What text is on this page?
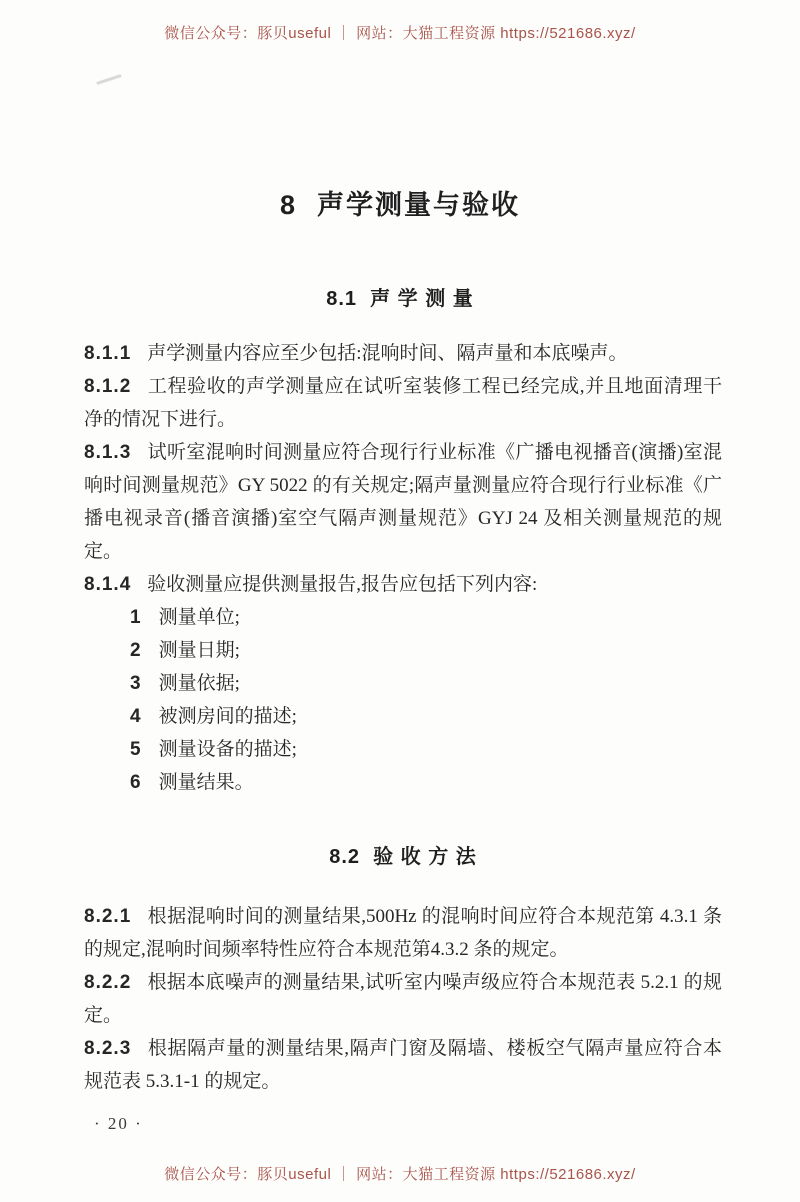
微信公众号：豚贝useful ｜ 网站：大猫工程资源 https://521686.xyz/
8 声学测量与验收
8.1  声 学 测 量

8.1.1 声学测量内容应至少包括:混响时间、隔声量和本底噪声。

8.1.2 工程验收的声学测量应在试听室装修工程已经完成,并且地面清理干净的情况下进行。

8.1.3 试听室混响时间测量应符合现行行业标准《广播电视播音(演播)室混响时间测量规范》GY 5022 的有关规定;隔声量测量应符合现行行业标准《广播电视录音(播音演播)室空气隔声测量规范》GYJ 24 及相关测量规范的规定。

8.1.4 验收测量应提供测量报告,报告应包括下列内容:

1 测量单位;

2 测量日期;

3 测量依据;

4 被测房间的描述;

5 测量设备的描述;

6 测量结果。

8.2  验 收 方 法

8.2.1 根据混响时间的测量结果,500Hz 的混响时间应符合本规范第 4.3.1 条的规定,混响时间频率特性应符合本规范第4.3.2 条的规定。

8.2.2 根据本底噪声的测量结果,试听室内噪声级应符合本规范表 5.2.1 的规定。

8.2.3 根据隔声量的测量结果,隔声门窗及隔墙、楼板空气隔声量应符合本规范表 5.3.1-1 的规定。

· 20 ·
微信公众号：豚贝useful ｜ 网站：大猫工程资源 https://521686.xyz/
